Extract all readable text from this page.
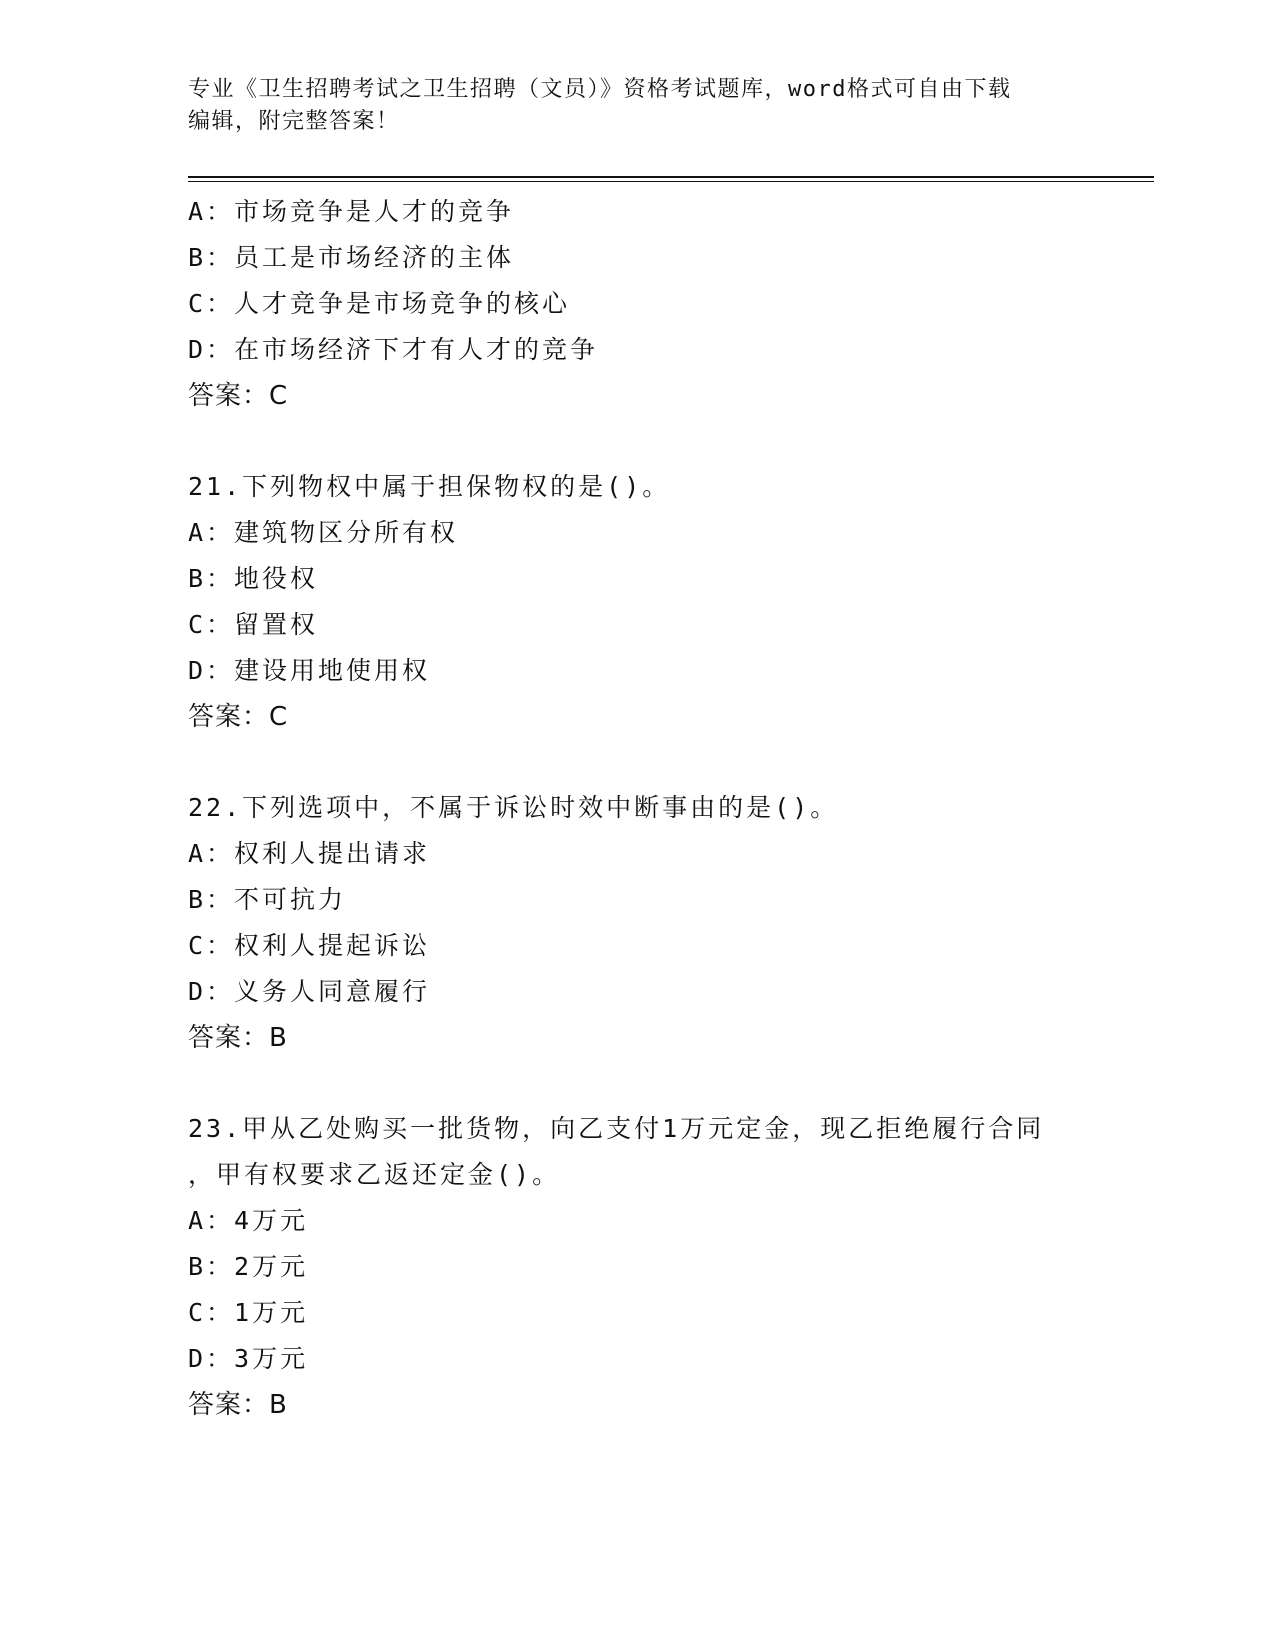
专业《卫生招聘考试之卫生招聘（文员）》资格考试题库，word格式可自由下载
编辑，附完整答案！
A：市场竞争是人才的竞争
B：员工是市场经济的主体
C：人才竞争是市场竞争的核心
D：在市场经济下才有人才的竞争
答案：C
21.下列物权中属于担保物权的是()。
A：建筑物区分所有权
B：地役权
C：留置权
D：建设用地使用权
答案：C
22.下列选项中，不属于诉讼时效中断事由的是()。
A：权利人提出请求
B：不可抗力
C：权利人提起诉讼
D：义务人同意履行
答案：B
23.甲从乙处购买一批货物，向乙支付1万元定金，现乙拒绝履行合同
，甲有权要求乙返还定金()。
A：4万元
B：2万元
C：1万元
D：3万元
答案：B
